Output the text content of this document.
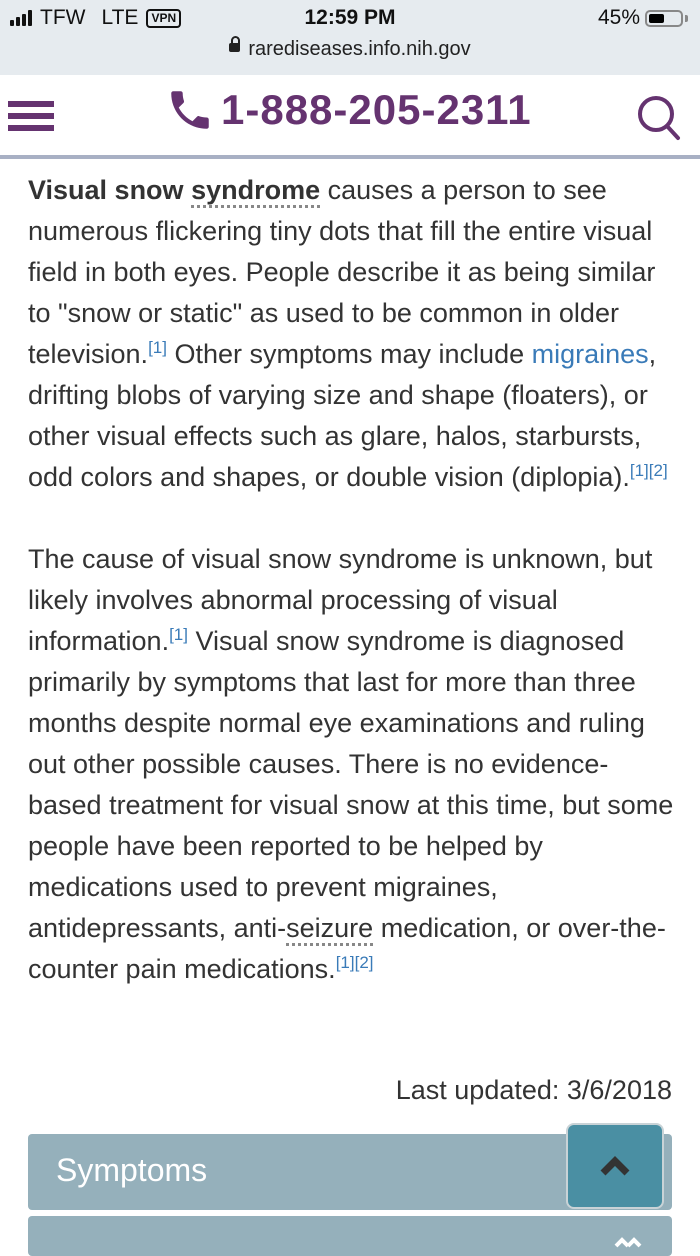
TFW LTE	VPN	12:59 PM	45%
rarediseases.info.nih.gov
1-888-205-2311

Visual snow syndrome causes a person to see numerous flickering tiny dots that fill the entire visual field in both eyes. People describe it as being similar to "snow or static" as used to be common in older television.[1] Other symptoms may include migraines, drifting blobs of varying size and shape (floaters), or other visual effects such as glare, halos, starbursts, odd colors and shapes, or double vision (diplopia).[1][2]

The cause of visual snow syndrome is unknown, but likely involves abnormal processing of visual information.[1] Visual snow syndrome is diagnosed primarily by symptoms that last for more than three months despite normal eye examinations and ruling out other possible causes. There is no evidence-based treatment for visual snow at this time, but some people have been reported to be helped by medications used to prevent migraines, antidepressants, anti-seizure medication, or over-the-counter pain medications.[1][2]

Last updated: 3/6/2018
Symptoms
